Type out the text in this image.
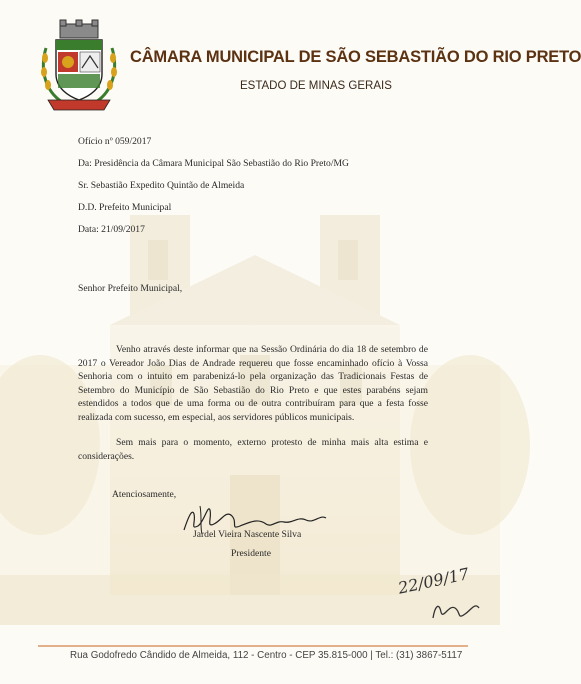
CÂMARA MUNICIPAL DE SÃO SEBASTIÃO DO RIO PRETO
ESTADO DE MINAS GERAIS
Ofício nº 059/2017
Da: Presidência da Câmara Municipal São Sebastião do Rio Preto/MG
Sr. Sebastião Expedito Quintão de Almeida
D.D. Prefeito Municipal
Data: 21/09/2017
Senhor Prefeito Municipal,
Venho através deste informar que na Sessão Ordinária do dia 18 de setembro de 2017 o Vereador João Dias de Andrade requereu que fosse encaminhado ofício à Vossa Senhoria com o intuito em parabenizá-lo pela organização das Tradicionais Festas de Setembro do Município de São Sebastião do Rio Preto e que estes parabéns sejam estendidos a todos que de uma forma ou de outra contribuíram para que a festa fosse realizada com sucesso, em especial, aos servidores públicos municipais.
Sem mais para o momento, externo protesto de minha mais alta estima e considerações.
Atenciosamente,
Jardel Vieira Nascente Silva
Presidente
22/09/17
Rua Godofredo Cândido de Almeida, 112 - Centro - CEP 35.815-000 | Tel.: (31) 3867-5117
